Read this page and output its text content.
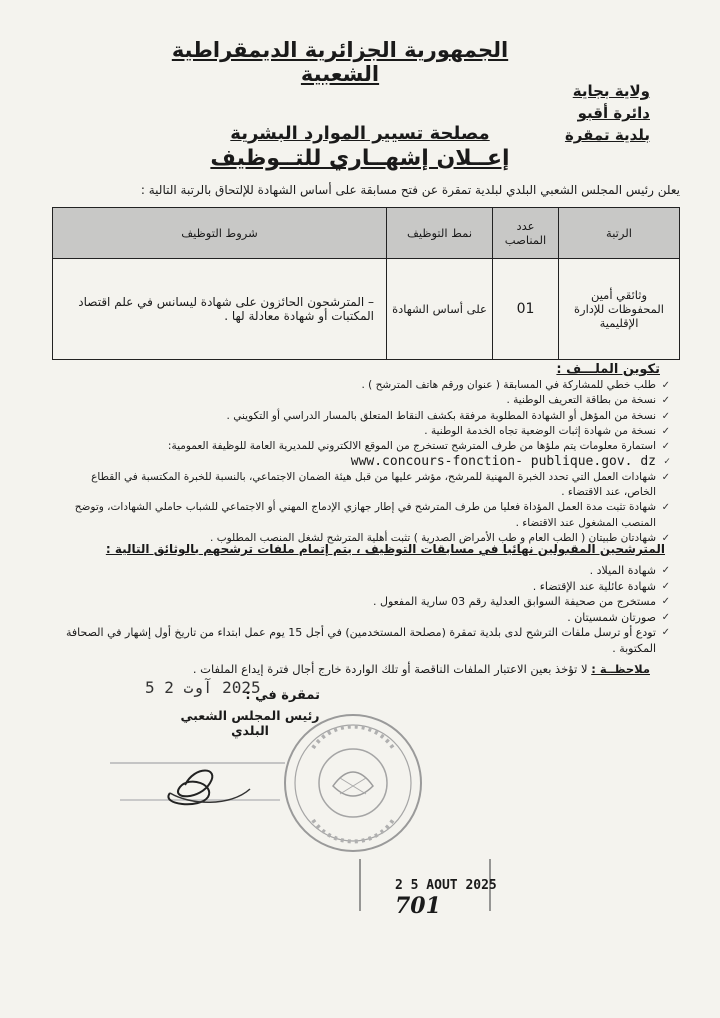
الجمهورية الجزائرية الديمقراطية الشعبية
ولاية بجاية
دائرة أقبو
بلدية تمقرة
مصلحة تسيير الموارد البشرية
إعــلان إشهــاري للتــوظيف
يعلن رئيس المجلس الشعبي البلدي لبلدية تمقرة عن فتح مسابقة على أساس الشهادة للإلتحاق بالرتبة التالية :
الرتبة	عدد المناصب	نمط التوظيف	شروط التوظيف
وثائقي أمين المحفوظات للإدارة الإقليمية	01	على أساس الشهادة	– المترشحون الحائزون على شهادة ليسانس في علم اقتصاد المكتبات أو شهادة معادلة لها .
تكوين الملـــف :
✓ طلب خطي للمشاركة في المسابقة ( عنوان ورقم هاتف المترشح ) .
✓ نسخة من بطاقة التعريف الوطنية .
✓ نسخة من المؤهل أو الشهادة المطلوبة مرفقة بكشف النقاط المتعلق بالمسار الدراسي أو التكويني .
✓ نسخة من شهادة إثبات الوضعية تجاه الخدمة الوطنية .
✓ استمارة معلومات يتم ملؤها من طرف المترشح تستخرج من الموقع الالكتروني للمديرية العامة للوظيفة العمومية:
✓ www.concours-fonction- publique.gov. dz
✓ شهادات العمل التي تحدد الخبرة المهنية للمرشح، مؤشر عليها من قبل هيئة الضمان الاجتماعي، بالنسبة للخبرة المكتسبة في القطاع الخاص، عند الاقتضاء .
✓ شهادة تثبت مدة العمل المؤداة فعليا من طرف المترشح في إطار جهازي الإدماج المهني أو الاجتماعي للشباب حاملي الشهادات، وتوضح المنصب المشغول عند الاقتضاء .
✓ شهادتان طبيتان ( الطب العام و طب الأمراض الصدرية ) تثبت أهلية المترشح لشغل المنصب المطلوب .
المترشحين المقبولين نهائيا في مسابقات التوظيف ، يتم إتمام ملفات ترشحهم بالوثائق التالية :
✓ شهادة الميلاد .
✓ شهادة عائلية عند الإقتضاء .
✓ مستخرج من صحيفة السوابق العدلية رقم 03 سارية المفعول .
✓ صورتان شمسيتان .
✓ تودع أو ترسل ملفات الترشح لدى بلدية تمقرة (مصلحة المستخدمين) في أجل 15 يوم عمل ابتداء من تاريخ أول إشهار في الصحافة المكتوبة .
ملاحظــة : لا تؤخذ بعين الاعتبار الملفات الناقصة أو تلك الواردة خارج أجال فترة إيداع الملفات .
2025 آوت 2 5
تمقرة في :
رئيس المجلس الشعبي البلدي
2 5 AOUT 2025
701
